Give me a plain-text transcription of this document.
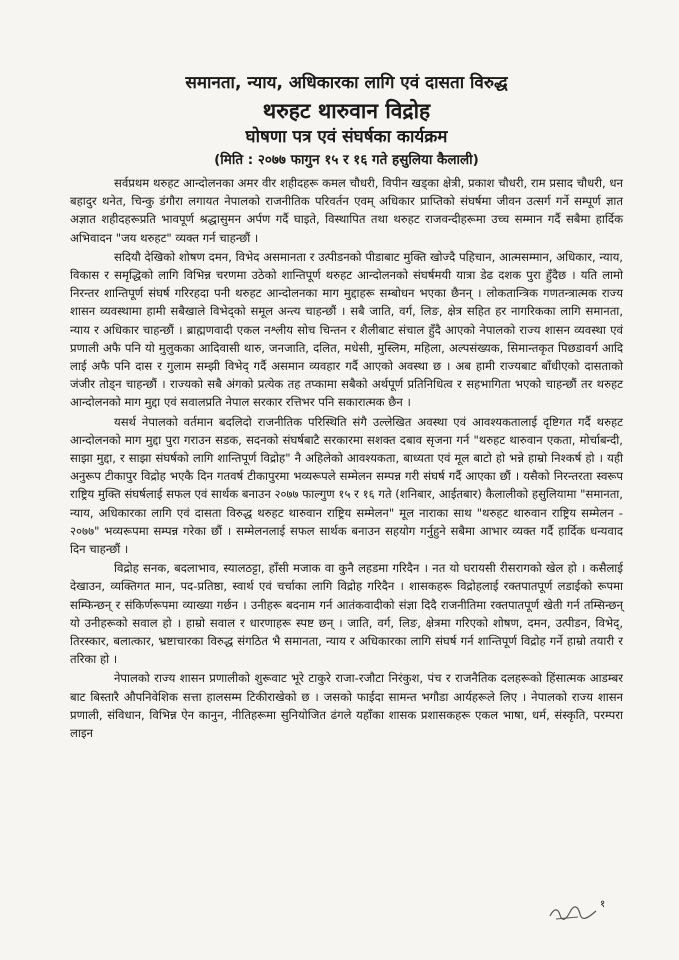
समानता, न्याय, अधिकारका लागि एवं दासता विरुद्ध

थरुहट थारुवान विद्रोह

घोषणा पत्र एवं संघर्षका कार्यक्रम

(मिति : २०७७ फागुन १५ र १६ गते हसुलिया कैलाली)

सर्वप्रथम थरुहट आन्दोलनका अमर वीर शहीदहरू कमल चौधरी, विपीन खड्का क्षेत्री, प्रकाश चौधरी, राम प्रसाद चौधरी, धन बहादुर थनेत, चिन्कु डंगौरा लगायत नेपालको राजनीतिक परिवर्तन एवम् अधिकार प्राप्तिको संघर्षमा जीवन उत्सर्ग गर्ने सम्पूर्ण ज्ञात अज्ञात शहीदहरूप्रति भावपूर्ण श्रद्धासुमन अर्पण गर्दै घाइते, विस्थापित तथा थरुहट राजवन्दीहरूमा उच्च सम्मान गर्दै सबैमा हार्दिक अभिवादन "जय थरुहट" व्यक्त गर्न चाहन्छौं ।

सदियौ देखिको शोषण दमन, विभेद असमानता र उत्पीडनको पीडाबाट मुक्ति खोज्दै पहिचान, आत्मसम्मान, अधिकार, न्याय, विकास र समृद्धिको लागि विभिन्न चरणमा उठेको शान्तिपूर्ण थरुहट आन्दोलनको संघर्षमयी यात्रा डेढ दशक पुरा हुँदैछ । यति लामो निरन्तर शान्तिपूर्ण संघर्ष गरिरहदा पनी थरुहट आन्दोलनका माग मुद्दाहरू सम्बोधन भएका छैनन् । लोकतान्त्रिक गणतन्त्रात्मक राज्य शासन व्यवस्थामा हामी सबैखाले विभेद्को समूल अन्त्य चाहन्छौं । सबै जाति, वर्ग, लिङ, क्षेत्र सहित हर नागरिकका लागि समानता, न्याय र अधिकार चाहन्छौं । ब्राह्मणवादी एकल नश्लीय सोच चिन्तन र शैलीबाट संचाल हुँदै आएको नेपालको राज्य शासन व्यवस्था एवं प्रणाली अफै पनि यो मुलुकका आदिवासी थारु, जनजाति, दलित, मधेसी, मुस्लिम, महिला, अल्पसंख्यक, सिमान्तकृत पिछडावर्ग आदि लाई अफै पनि दास र गुलाम सम्झी विभेद् गर्दै असमान व्यवहार गर्दै आएको अवस्था छ । अब हामी राज्यबाट बाँधीएको दासताको जंजीर तोड्न चाहन्छौं । राज्यको सबै अंगको प्रत्येक तह तप्कामा सबैको अर्थपूर्ण प्रतिनिधित्व र सहभागिता भएको चाहन्छौं तर थरुहट आन्दोलनको माग मुद्दा एवं सवालप्रति नेपाल सरकार रत्तिभर पनि सकारात्मक छैन ।

यसर्थ नेपालको वर्तमान बदलिदो राजनीतिक परिस्थिति संगै उल्लेखित अवस्था एवं आवश्यकतालाई दृष्टिगत गर्दै थरुहट आन्दोलनको माग मुद्दा पुरा गराउन सडक, सदनको संघर्षबाटै सरकारमा सशक्त दबाव सृजना गर्न "थरुहट थारुवान एकता, मोर्चाबन्दी, साझा मुद्दा, र साझा संघर्षको लागि शान्तिपूर्ण विद्रोह" नै अहिलेको आवश्यकता, बाध्यता एवं मूल बाटो हो भन्ने हाम्रो निश्कर्ष हो । यही अनुरूप टीकापुर विद्रोह भएकै दिन गतवर्ष टीकापुरमा भव्यरूपले सम्मेलन सम्पन्न गरी संघर्ष गर्दै आएका छौं । यसैको निरन्तरता स्वरूप राष्ट्रिय मुक्ति संघर्षलाई सफल एवं सार्थक बनाउन २०७७ फाल्गुण १५ र १६ गते (शनिबार, आईतबार) कैलालीको हसुलियामा "समानता, न्याय, अधिकारका लागि एवं दासता विरुद्ध थरुहट थारुवान राष्ट्रिय सम्मेलन" मूल नाराका साथ "थरुहट थारुवान राष्ट्रिय सम्मेलन - २०७७" भव्यरूपमा सम्पन्न गरेका छौं । सम्मेलनलाई सफल सार्थक बनाउन सहयोग गर्नुहुने सबैमा आभार व्यक्त गर्दै हार्दिक धन्यवाद दिन चाहन्छौं ।

विद्रोह सनक, बदलाभाव, स्यालठट्टा, हाँसी मजाक वा कुनै लहडमा गरिदैन । नत यो घरायसी रीसरागको खेल हो । कसैलाई देखाउन, व्यक्तिगत मान, पद-प्रतिष्ठा, स्वार्थ एवं चर्चाका लागि विद्रोह गरिदैन । शासकहरू विद्रोहलाई रक्तपातपूर्ण लडाईको रूपमा सम्फिन्छन् र संकिर्णरूपमा व्याख्या गर्छन । उनीहरू बदनाम गर्न आतंकवादीको संज्ञा दिदै राजनीतिमा रक्तपातपूर्ण खेती गर्न तम्सिन्छन् यो उनीहरूको सवाल हो । हाम्रो सवाल र धारणाहरू स्पष्ट छन् । जाति, वर्ग, लिङ, क्षेत्रमा गरिएको शोषण, दमन, उत्पीडन, विभेद्, तिरस्कार, बलात्कार, भ्रष्टाचारका विरुद्ध संगठित भै समानता, न्याय र अधिकारका लागि संघर्ष गर्न शान्तिपूर्ण विद्रोह गर्ने हाम्रो तयारी र तरिका हो ।

नेपालको राज्य शासन प्रणालीको शुरूवाट भूरे टाकुरे राजा-रजौटा निरंकुश, पंच र राजनैतिक दलहरूको हिंसात्मक आडम्बर बाट बिस्तारै औपनिवेशिक सत्ता हालसम्म टिकीराखेको छ । जसको फाईदा सामन्त भगौडा आर्यहरूले लिए । नेपालको राज्य शासन प्रणाली, संविधान, विभिन्न ऐन कानुन, नीतिहरूमा सुनियोजित ढंगले यहाँका शासक प्रशासकहरू एकल भाषा, धर्म, संस्कृति, परम्परा लाइन

१
